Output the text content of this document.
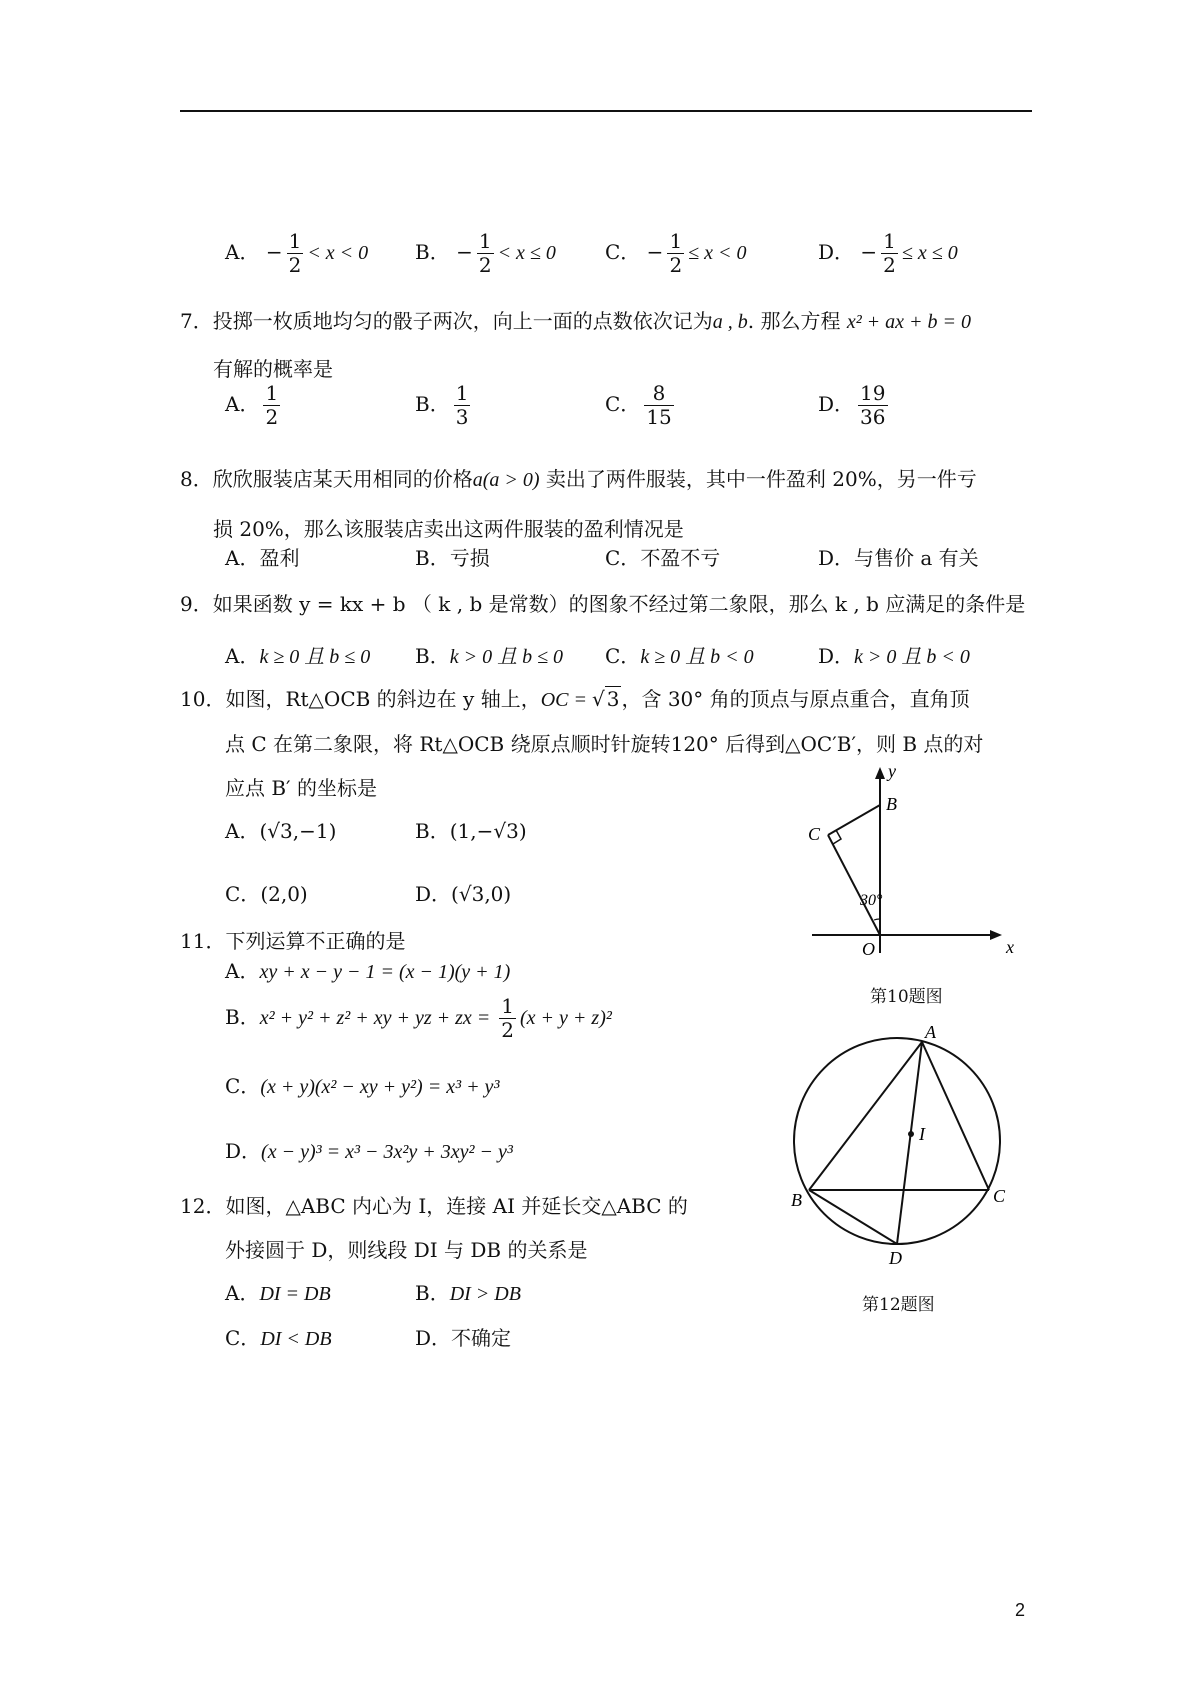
A． − $\frac{1}{2} < x < 0$ B． − $\frac{1}{2} < x \le 0$ C． − $\frac{1}{2} \le x < 0$	D． − $\frac{1}{2} \le x \le 0$
7．投掷一枚质地均匀的骰子两次，向上一面的点数依次记为a , b. 那么方程 x² + ax + b = 0
有解的概率是
A． $\frac{1}{2}$	B． $\frac{1}{3}$	C． $\frac{8}{15}$	D． $\frac{19}{36}$
8．欣欣服装店某天用相同的价格a(a > 0) 卖出了两件服装，其中一件盈利 20%，另一件亏
损 20%，那么该服装店卖出这两件服装的盈利情况是
A．盈利	B．亏损	C．不盈不亏	D．与售价 a 有关
9．如果函数 y = kx + b （ k , b 是常数）的图象不经过第二象限，那么 k , b 应满足的条件是
A．k ≥ 0 且 b ≤ 0 B．k > 0 且 b ≤ 0 C．k ≥ 0 且 b < 0	D．k > 0 且 b < 0
10．如图，Rt△OCB 的斜边在 y 轴上，OC = √ 3 ，含 30° 角的顶点与原点重合，直角顶
点 C 在第二象限，将 Rt△OCB 绕原点顺时针旋转120° 后得到△OC′B′，则 B 点的对
应点 B′ 的坐标是
A．(√3,−1)	B．(1,−√3)
C．(2,0)	D．(√3,0)
y
x
O
B
C
30°
第10题图
11．下列运算不正确的是
A．xy + x − y − 1 = (x − 1)(y + 1)
B．x² + y² + z² + xy + yz + zx = $\frac{1}{2} (x + y + z)^2$
C．(x + y)(x² − xy + y²) = x³ + y³
D．(x − y)³ = x³ − 3x²y + 3xy² − y³
A
B	C
D
I
第12题图
12．如图，△ABC 内心为 I，连接 AI 并延长交△ABC 的
外接圆于 D，则线段 DI 与 DB 的关系是
A．DI = DB	B．DI > DB
C．DI < DB	D．不确定
2
